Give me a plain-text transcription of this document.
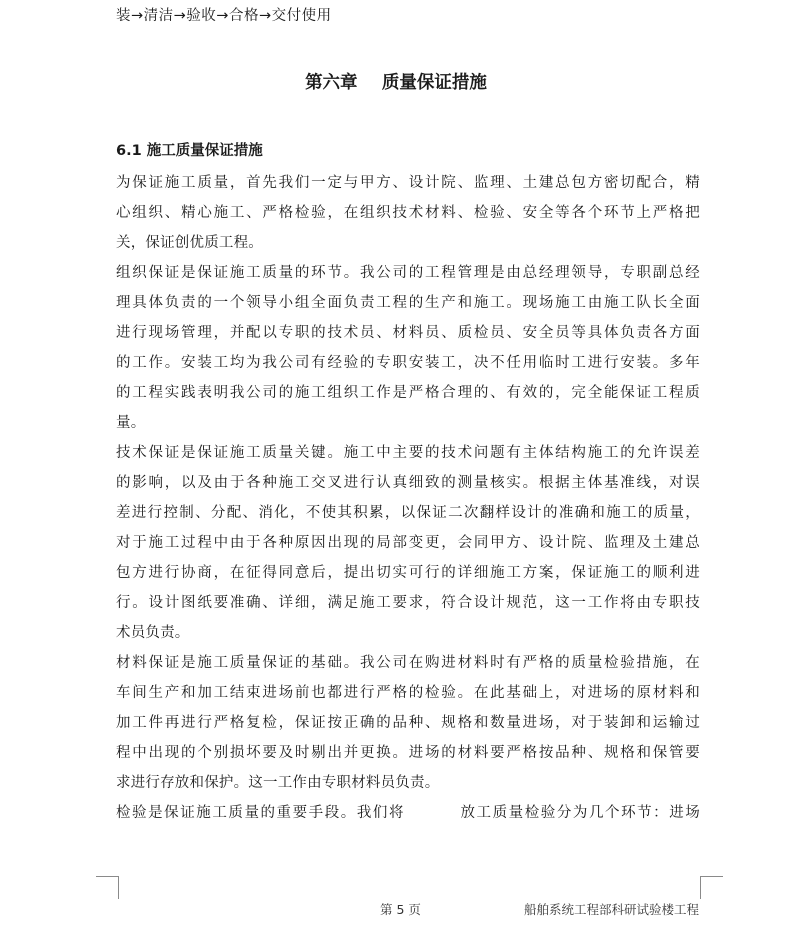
装→清洁→验收→合格→交付使用
第六章    质量保证措施
6.1 施工质量保证措施
为保证施工质量，首先我们一定与甲方、设计院、监理、土建总包方密切配合，精
心组织、精心施工、严格检验，在组织技术材料、检验、安全等各个环节上严格把
关，保证创优质工程。
组织保证是保证施工质量的环节。我公司的工程管理是由总经理领导，专职副总经
理具体负责的一个领导小组全面负责工程的生产和施工。现场施工由施工队长全面
进行现场管理，并配以专职的技术员、材料员、质检员、安全员等具体负责各方面
的工作。安装工均为我公司有经验的专职安装工，决不任用临时工进行安装。多年
的工程实践表明我公司的施工组织工作是严格合理的、有效的，完全能保证工程质
量。
技术保证是保证施工质量关键。施工中主要的技术问题有主体结构施工的允许误差
的影响，以及由于各种施工交叉进行认真细致的测量核实。根据主体基准线，对误
差进行控制、分配、消化，不使其积累，以保证二次翻样设计的准确和施工的质量，
对于施工过程中由于各种原因出现的局部变更，会同甲方、设计院、监理及土建总
包方进行协商，在征得同意后，提出切实可行的详细施工方案，保证施工的顺利进
行。设计图纸要准确、详细，满足施工要求，符合设计规范，这一工作将由专职技
术员负责。
材料保证是施工质量保证的基础。我公司在购进材料时有严格的质量检验措施，在
车间生产和加工结束进场前也都进行严格的检验。在此基础上，对进场的原材料和
加工件再进行严格复检，保证按正确的品种、规格和数量进场，对于装卸和运输过
程中出现的个别损坏要及时剔出并更换。进场的材料要严格按品种、规格和保管要
求进行存放和保护。这一工作由专职材料员负责。
检验是保证施工质量的重要手段。我们将         放工质量检验分为几个环节：进场
第 5 页	船舶系统工程部科研试验楼工程
